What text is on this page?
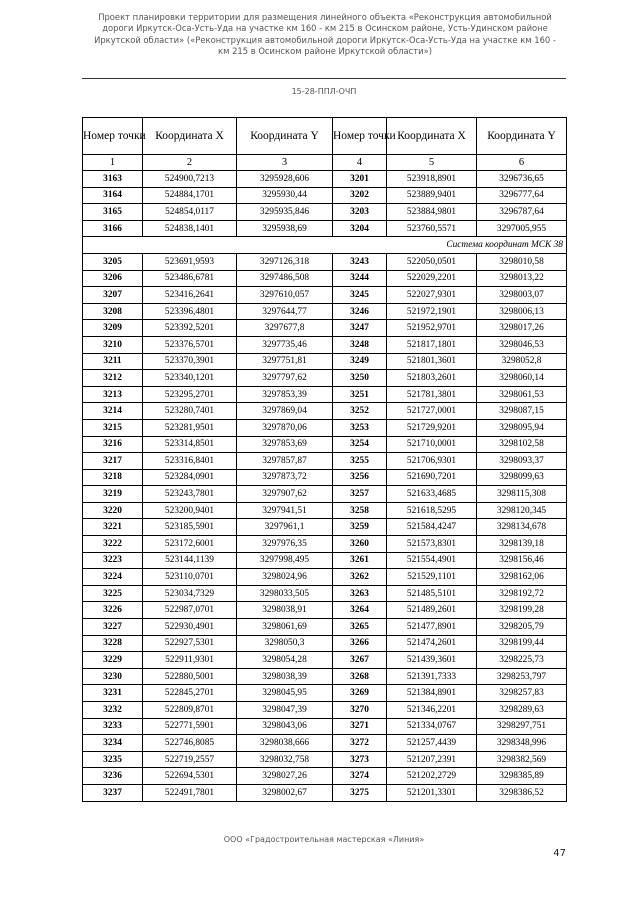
Проект планировки территории для размещения линейного объекта «Реконструкция автомобильной
дороги Иркутск-Оса-Усть-Уда на участке км 160 - км 215 в Осинском районе, Усть-Удинском районе
Иркутской области» («Реконструкция автомобильной дороги Иркутск-Оса-Усть-Уда на участке км 160 -
км 215 в Осинском районе Иркутской области»)
15-28-ППЛ-ОЧП
Номер точки	Координата X	Координата Y	Номер точки	Координата X	Координата Y
1	2	3	4	5	6
3163	524900,7213	3295928,606	3201	523918,8901	3296736,65
3164	524884,1701	3295930,44	3202	523889,9401	3296777,64
3165	524854,0117	3295935,846	3203	523884,9801	3296787,64
3166	524838,1401	3295938,69	3204	523760,5571	3297005,955
Система координат МСК 38					
3205	523691,9593	3297126,318	3243	522050,0501	3298010,58
3206	523486,6781	3297486,508	3244	522029,2201	3298013,22
3207	523416,2641	3297610,057	3245	522027,9301	3298003,07
3208	523396,4801	3297644,77	3246	521972,1901	3298006,13
3209	523392,5201	3297677,8	3247	521952,9701	3298017,26
3210	523376,5701	3297735,46	3248	521817,1801	3298046,53
3211	523370,3901	3297751,81	3249	521801,3601	3298052,8
3212	523340,1201	3297797,62	3250	521803,2601	3298060,14
3213	523295,2701	3297853,39	3251	521781,3801	3298061,53
3214	523280,7401	3297869,04	3252	521727,0001	3298087,15
3215	523281,9501	3297870,06	3253	521729,9201	3298095,94
3216	523314,8501	3297853,69	3254	521710,0001	3298102,58
3217	523316,8401	3297857,87	3255	521706,9301	3298093,37
3218	523284,0901	3297873,72	3256	521690,7201	3298099,63
3219	523243,7801	3297907,62	3257	521633,4685	3298115,308
3220	523200,9401	3297941,51	3258	521618,5295	3298120,345
3221	523185,5901	3297961,1	3259	521584,4247	3298134,678
3222	523172,6001	3297976,35	3260	521573,8301	3298139,18
3223	523144,1139	3297998,495	3261	521554,4901	3298156,46
3224	523110,0701	3298024,96	3262	521529,1101	3298162,06
3225	523034,7329	3298033,505	3263	521485,5101	3298192,72
3226	522987,0701	3298038,91	3264	521489,2601	3298199,28
3227	522930,4901	3298061,69	3265	521477,8901	3298205,79
3228	522927,5301	3298050,3	3266	521474,2601	3298199,44
3229	522911,9301	3298054,28	3267	521439,3601	3298225,73
3230	522880,5001	3298038,39	3268	521391,7333	3298253,797
3231	522845,2701	3298045,95	3269	521384,8901	3298257,83
3232	522809,8701	3298047,39	3270	521346,2201	3298289,63
3233	522771,5901	3298043,06	3271	521334,0767	3298297,751
3234	522746,8085	3298038,666	3272	521257,4439	3298348,996
3235	522719,2557	3298032,758	3273	521207,2391	3298382,569
3236	522694,5301	3298027,26	3274	521202,2729	3298385,89
3237	522491,7801	3298002,67	3275	521201,3301	3298386,52
ООО «Градостроительная мастерская «Линия»
47
